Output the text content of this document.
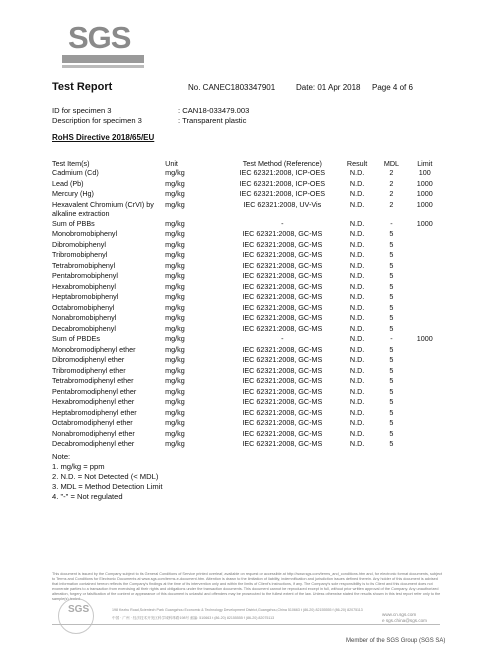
SGS
Test Report	No. CANEC1803347901	Date: 01 Apr 2018 Page 4 of 6
ID for specimen 3	: CAN18-033479.003
Description for specimen 3	: Transparent plastic
RoHS Directive 2018/65/EU
Test Item(s)	Unit	Test Method (Reference)	Result	MDL	Limit
Cadmium (Cd)	mg/kg	IEC 62321:2008, ICP-OES	N.D.	2	100
Lead (Pb)	mg/kg	IEC 62321:2008, ICP-OES	N.D.	2	1000
Mercury (Hg)	mg/kg	IEC 62321:2008, ICP-OES	N.D.	2	1000
Hexavalent Chromium (CrVI) by alkaline extraction	mg/kg	IEC 62321:2008, UV-Vis	N.D.	2	1000
Sum of PBBs	mg/kg	-	N.D.	-	1000
Monobromobiphenyl	mg/kg	IEC 62321:2008, GC-MS	N.D.	5	
Dibromobiphenyl	mg/kg	IEC 62321:2008, GC-MS	N.D.	5	
Tribromobiphenyl	mg/kg	IEC 62321:2008, GC-MS	N.D.	5	
Tetrabromobiphenyl	mg/kg	IEC 62321:2008, GC-MS	N.D.	5	
Pentabromobiphenyl	mg/kg	IEC 62321:2008, GC-MS	N.D.	5	
Hexabromobiphenyl	mg/kg	IEC 62321:2008, GC-MS	N.D.	5	
Heptabromobiphenyl	mg/kg	IEC 62321:2008, GC-MS	N.D.	5	
Octabromobiphenyl	mg/kg	IEC 62321:2008, GC-MS	N.D.	5	
Nonabromobiphenyl	mg/kg	IEC 62321:2008, GC-MS	N.D.	5	
Decabromobiphenyl	mg/kg	IEC 62321:2008, GC-MS	N.D.	5	
Sum of PBDEs	mg/kg	-	N.D.	-	1000
Monobromodiphenyl ether	mg/kg	IEC 62321:2008, GC-MS	N.D.	5	
Dibromodiphenyl ether	mg/kg	IEC 62321:2008, GC-MS	N.D.	5	
Tribromodiphenyl ether	mg/kg	IEC 62321:2008, GC-MS	N.D.	5	
Tetrabromodiphenyl ether	mg/kg	IEC 62321:2008, GC-MS	N.D.	5	
Pentabromodiphenyl ether	mg/kg	IEC 62321:2008, GC-MS	N.D.	5	
Hexabromodiphenyl ether	mg/kg	IEC 62321:2008, GC-MS	N.D.	5	
Heptabromodiphenyl ether	mg/kg	IEC 62321:2008, GC-MS	N.D.	5	
Octabromodiphenyl ether	mg/kg	IEC 62321:2008, GC-MS	N.D.	5	
Nonabromodiphenyl ether	mg/kg	IEC 62321:2008, GC-MS	N.D.	5	
Decabromodiphenyl ether	mg/kg	IEC 62321:2008, GC-MS	N.D.	5	
Note:
1. mg/kg = ppm
2. N.D. = Not Detected (< MDL)
3. MDL = Method Detection Limit
4. "-" = Not regulated
This document is issued by the Company subject to its General Conditions of Service printed overleaf, available on request or accessible at http://www.sgs.com/terms_and_conditions.htm and, for electronic format documents, subject to Terms and Conditions for Electronic Documents at www.sgs.com/terms-e-document.htm. Attention is drawn to the limitation of liability, indemnification and jurisdiction issues defined therein. Any holder of this document is advised that information contained hereon reflects the Company's findings at the time of its intervention only and within the limits of Client's instructions, if any. The Company's sole responsibility is to its Client and this document does not exonerate parties to a transaction from exercising all their rights and obligations under the transaction documents. This document cannot be reproduced except in full, without prior written approval of the Company. Any unauthorized alteration, forgery or falsification of the content or appearance of this document is unlawful and offenders may be prosecuted to the fullest extent of the law. Unless otherwise stated the results shown in this test report refer only to the sample(s) tested.
SGS	198 Kezhu Road,Scientech Park Guangzhou Economic & Technology Development District,Guangzhou,China 510663 t (86-20) 82155555 f (86-20) 82075113
中国 · 广州 · 经济技术开发区科学城科珠路198号 邮编: 510663 t (86-20) 82155555 f (86-20) 82075113
www.cn.sgs.com
e sgs.china@sgs.com
Member of the SGS Group (SGS SA)
